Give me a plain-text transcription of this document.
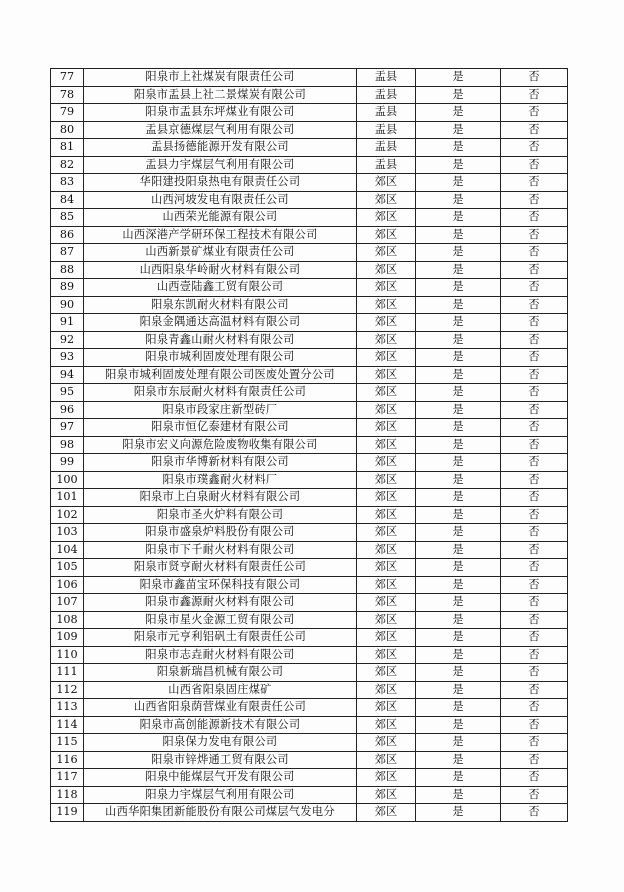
77	阳泉市上社煤炭有限责任公司	盂县	是	否
78	阳泉市盂县上社二景煤炭有限公司	盂县	是	否
79	阳泉市盂县东坪煤业有限公司	盂县	是	否
80	盂县京德煤层气利用有限公司	盂县	是	否
81	盂县扬德能源开发有限公司	盂县	是	否
82	盂县力宇煤层气利用有限公司	盂县	是	否
83	华阳建投阳泉热电有限责任公司	郊区	是	否
84	山西河坡发电有限责任公司	郊区	是	否
85	山西荣光能源有限公司	郊区	是	否
86	山西深港产学研环保工程技术有限公司	郊区	是	否
87	山西新景矿煤业有限责任公司	郊区	是	否
88	山西阳泉华岭耐火材料有限公司	郊区	是	否
89	山西壹陆鑫工贸有限公司	郊区	是	否
90	阳泉东凯耐火材料有限公司	郊区	是	否
91	阳泉金隅通达高温材料有限公司	郊区	是	否
92	阳泉青鑫山耐火材料有限公司	郊区	是	否
93	阳泉市城利固废处理有限公司	郊区	是	否
94	阳泉市城利固废处理有限公司医废处置分公司	郊区	是	否
95	阳泉市东辰耐火材料有限责任公司	郊区	是	否
96	阳泉市段家庄新型砖厂	郊区	是	否
97	阳泉市恒亿泰建材有限公司	郊区	是	否
98	阳泉市宏义向源危险废物收集有限公司	郊区	是	否
99	阳泉市华博新材料有限公司	郊区	是	否
100	阳泉市璞鑫耐火材料厂	郊区	是	否
101	阳泉市上白泉耐火材料有限公司	郊区	是	否
102	阳泉市圣火炉料有限公司	郊区	是	否
103	阳泉市盛泉炉料股份有限公司	郊区	是	否
104	阳泉市下千耐火材料有限公司	郊区	是	否
105	阳泉市贤亨耐火材料有限责任公司	郊区	是	否
106	阳泉市鑫苗宝环保科技有限公司	郊区	是	否
107	阳泉市鑫源耐火材料有限公司	郊区	是	否
108	阳泉市星火金源工贸有限公司	郊区	是	否
109	阳泉市元亨利铝矾土有限责任公司	郊区	是	否
110	阳泉市志垚耐火材料有限公司	郊区	是	否
111	阳泉新瑞昌机械有限公司	郊区	是	否
112	山西省阳泉固庄煤矿	郊区	是	否
113	山西省阳泉荫营煤业有限责任公司	郊区	是	否
114	阳泉市高创能源新技术有限公司	郊区	是	否
115	阳泉保力发电有限公司	郊区	是	否
116	阳泉市锌烨通工贸有限公司	郊区	是	否
117	阳泉中能煤层气开发有限公司	郊区	是	否
118	阳泉力宇煤层气利用有限公司	郊区	是	否
119	山西华阳集团新能股份有限公司煤层气发电分	郊区	是	否
